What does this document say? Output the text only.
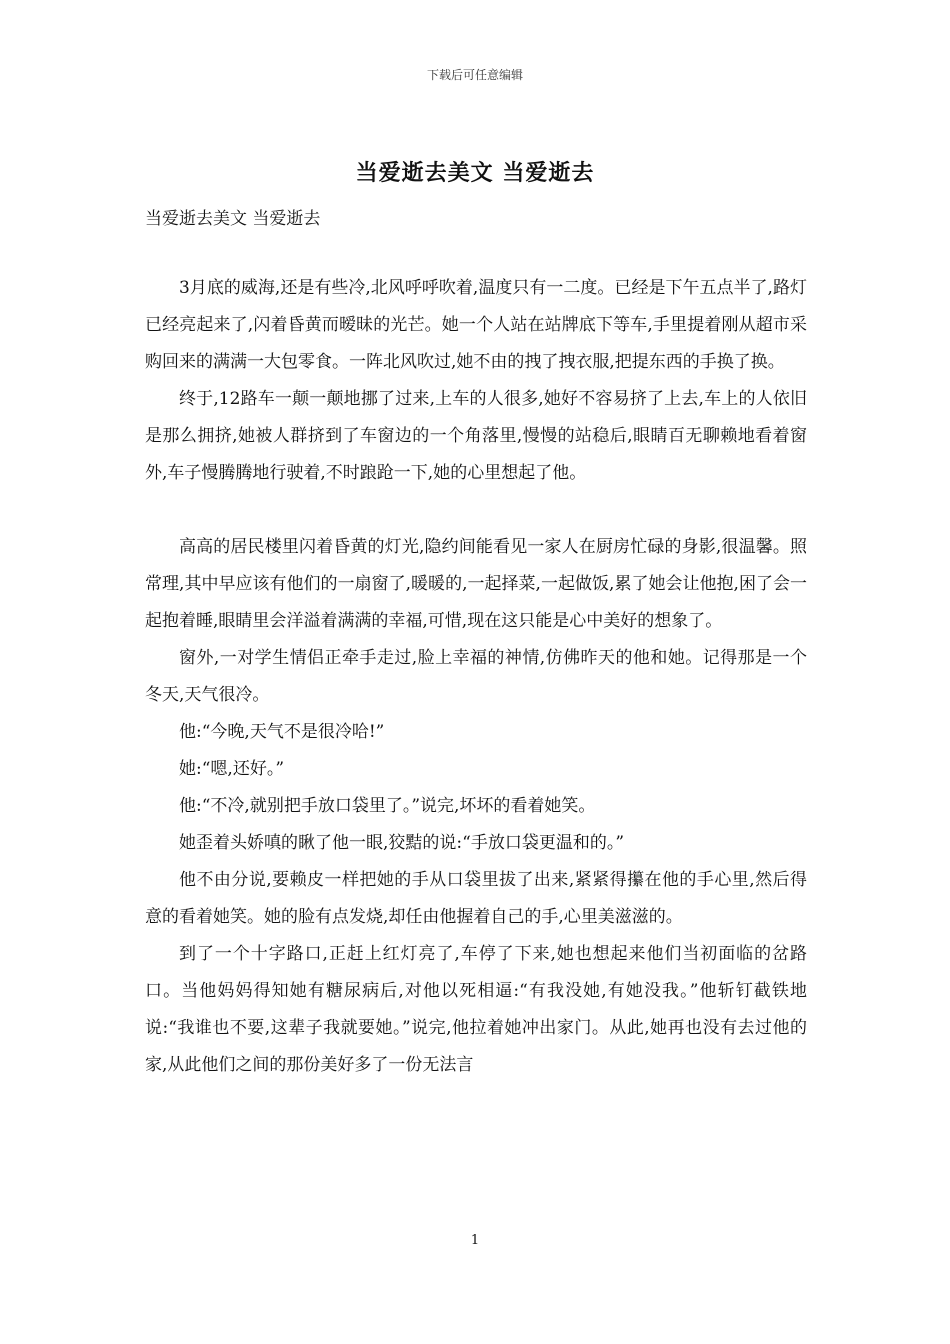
下载后可任意编辑
当爱逝去美文 当爱逝去
当爱逝去美文 当爱逝去

3月底的威海,还是有些冷,北风呼呼吹着,温度只有一二度。已经是下午五点半了,路灯已经亮起来了,闪着昏黄而暧昧的光芒。她一个人站在站牌底下等车,手里提着刚从超市采购回来的满满一大包零食。一阵北风吹过,她不由的拽了拽衣服,把提东西的手换了换。

终于,12路车一颠一颠地挪了过来,上车的人很多,她好不容易挤了上去,车上的人依旧是那么拥挤,她被人群挤到了车窗边的一个角落里,慢慢的站稳后,眼睛百无聊赖地看着窗外,车子慢腾腾地行驶着,不时踉跄一下,她的心里想起了他。

高高的居民楼里闪着昏黄的灯光,隐约间能看见一家人在厨房忙碌的身影,很温馨。照常理,其中早应该有他们的一扇窗了,暖暖的,一起择菜,一起做饭,累了她会让他抱,困了会一起抱着睡,眼睛里会洋溢着满满的幸福,可惜,现在这只能是心中美好的想象了。

窗外,一对学生情侣正牵手走过,脸上幸福的神情,仿佛昨天的他和她。记得那是一个冬天,天气很冷。

他:“今晚,天气不是很冷哈!”

她:“嗯,还好。”

他:“不冷,就别把手放口袋里了。”说完,坏坏的看着她笑。

她歪着头娇嗔的瞅了他一眼,狡黠的说:“手放口袋更温和的。”

他不由分说,要赖皮一样把她的手从口袋里拔了出来,紧紧得攥在他的手心里,然后得意的看着她笑。她的脸有点发烧,却任由他握着自己的手,心里美滋滋的。

到了一个十字路口,正赶上红灯亮了,车停了下来,她也想起来他们当初面临的岔路口。当他妈妈得知她有糖尿病后,对他以死相逼:“有我没她,有她没我。”他斩钉截铁地说:“我谁也不要,这辈子我就要她。”说完,他拉着她冲出家门。从此,她再也没有去过他的家,从此他们之间的那份美好多了一份无法言

1
